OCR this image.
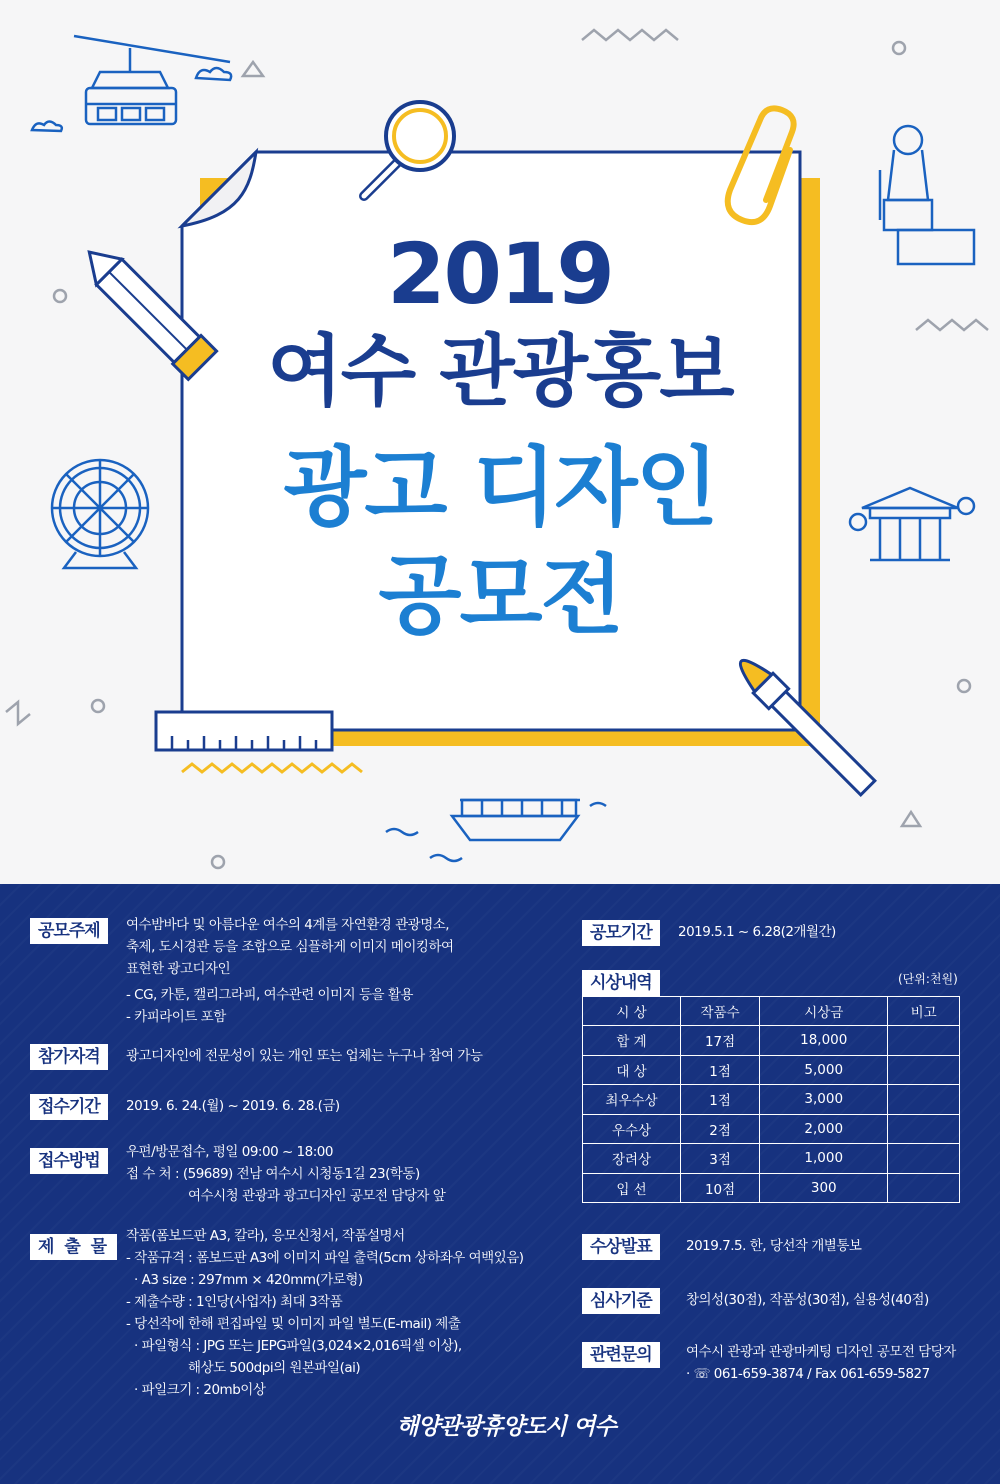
2019
여수 관광홍보
광고 디자인
공모전
공모주제	여수밤바다 및 아름다운 여수의 4계를 자연환경 관광명소,
축제, 도시경관 등을 조합으로 심플하게 이미지 메이킹하여
표현한 광고디자인
- CG, 카툰, 캘리그라피, 여수관련 이미지 등을 활용
- 카피라이트 포함
참가자격	광고디자인에 전문성이 있는 개인 또는 업체는 누구나 참여 가능
접수기간	2019. 6. 24.(월) ~ 2019. 6. 28.(금)
접수방법	우편/방문접수, 평일 09:00 ~ 18:00
접 수 처 : (59689) 전남 여수시 시청동1길 23(학동)
여수시청 관광과 광고디자인 공모전 담당자 앞
제 출 물
작품(폼보드판 A3, 칼라), 응모신청서, 작품설명서
- 작품규격 : 폼보드판 A3에 이미지 파일 출력(5cm 상하좌우 여백있음)
· A3 size : 297mm × 420mm(가로형)
- 제출수량 : 1인당(사업자) 최대 3작품
- 당선작에 한해 편집파일 및 이미지 파일 별도(E-mail) 제출
· 파일형식 : JPG 또는 JEPG파일(3,024×2,016픽셀 이상),
해상도 500dpi의 원본파일(ai)
· 파일크기 : 20mb이상
공모기간	2019.5.1 ~ 6.28(2개월간)
시상내역	(단위:천원)
시 상	작품수	시상금	비고
합 계	17점	18,000	
대 상	1점	5,000	
최우수상	1점	3,000	
우수상	2점	2,000	
장려상	3점	1,000	
입 선	10점	300	
수상발표	2019.7.5. 한, 당선작 개별통보
심사기준	창의성(30점), 작품성(30점), 실용성(40점)
관련문의	여수시 관광과 관광마케팅 디자인 공모전 담당자
· ☏ 061-659-3874 / Fax 061-659-5827
해양관광휴양도시 여수
